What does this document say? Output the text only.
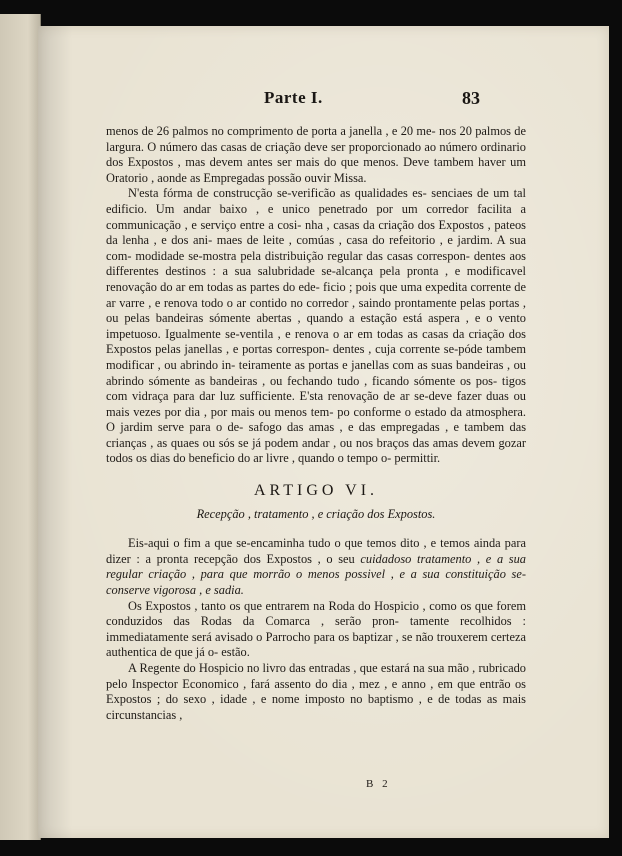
Parte I.	83

menos de 26 palmos no comprimento de porta a janella , e 20 me- nos 20 palmos de largura. O número das casas de criação deve ser proporcionado ao número ordinario dos Expostos , mas devem antes ser mais do que menos. Deve tambem haver um Oratorio , aonde as Empregadas possão ouvir Missa.

N'esta fórma de construcção se-verificão as qualidades es- senciaes de um tal edificio. Um andar baixo , e unico penetrado por um corredor facilita a communicação , e serviço entre a cosi- nha , casas da criação dos Expostos , pateos da lenha , e dos ani- maes de leite , comúas , casa do refeitorio , e jardim. A sua com- modidade se-mostra pela distribuição regular das casas correspon- dentes aos differentes destinos : a sua salubridade se-alcança pela pronta , e modificavel renovação do ar em todas as partes do ede- ficio ; pois que uma expedita corrente de ar varre , e renova todo o ar contido no corredor , saindo prontamente pelas portas , ou pelas bandeiras sómente abertas , quando a estação está aspera , e o vento impetuoso. Igualmente se-ventila , e renova o ar em todas as casas da criação dos Expostos pelas janellas , e portas correspon- dentes , cuja corrente se-póde tambem modificar , ou abrindo in- teiramente as portas e janellas com as suas bandeiras , ou abrindo sómente as bandeiras , ou fechando tudo , ficando sómente os pos- tigos com vidraça para dar luz sufficiente. E'sta renovação de ar se-deve fazer duas ou mais vezes por dia , por mais ou menos tem- po conforme o estado da atmosphera. O jardim serve para o de- safogo das amas , e das empregadas , e tambem das crianças , as quaes ou sós se já podem andar , ou nos braços das amas devem gozar todos os dias do beneficio do ar livre , quando o tempo o- permittir.

ARTIGO VI.
Recepção , tratamento , e criação dos Expostos.

Eis-aqui o fim a que se-encaminha tudo o que temos dito , e temos ainda para dizer : a pronta recepção dos Expostos , o seu cuidadoso tratamento , e a sua regular criação , para que morrão o menos possivel , e a sua constituição se-conserve vigorosa , e sadia.

Os Expostos , tanto os que entrarem na Roda do Hospicio , como os que forem conduzidos das Rodas da Comarca , serão pron- tamente recolhidos : immediatamente será avisado o Parrocho para os baptizar , se não trouxerem certeza authentica de que já o- estão.

A Regente do Hospicio no livro das entradas , que estará na sua mão , rubricado pelo Inspector Economico , fará assento do dia , mez , e anno , em que entrão os Expostos ; do sexo , idade , e nome imposto no baptismo , e de todas as mais circunstancias ,

B 2
